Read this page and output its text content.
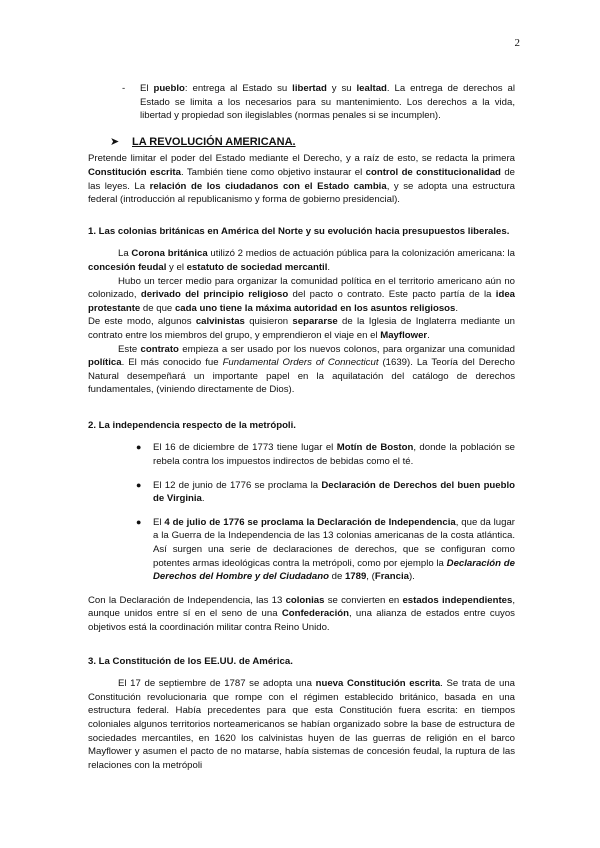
2
-	El pueblo: entrega al Estado su libertad y su lealtad. La entrega de derechos al Estado se limita a los necesarios para su mantenimiento. Los derechos a la vida, libertad y propiedad son ilegislables (normas penales si se incumplen).

➤	LA REVOLUCIÓN AMERICANA.

Pretende limitar el poder del Estado mediante el Derecho, y a raíz de esto, se redacta la primera Constitución escrita. También tiene como objetivo instaurar el control de constitucionalidad de las leyes. La relación de los ciudadanos con el Estado cambia, y se adopta una estructura federal (introducción al republicanismo y forma de gobierno presidencial).

1. Las colonias británicas en América del Norte y su evolución hacia presupuestos liberales.

La Corona británica utilizó 2 medios de actuación pública para la colonización americana: la concesión feudal y el estatuto de sociedad mercantil.

Hubo un tercer medio para organizar la comunidad política en el territorio americano aún no colonizado, derivado del principio religioso del pacto o contrato. Este pacto partía de la idea protestante de que cada uno tiene la máxima autoridad en los asuntos religiosos.

De este modo, algunos calvinistas quisieron separarse de la Iglesia de Inglaterra mediante un contrato entre los miembros del grupo, y emprendieron el viaje en el Mayflower.

Este contrato empieza a ser usado por los nuevos colonos, para organizar una comunidad política. El más conocido fue Fundamental Orders of Connecticut (1639). La Teoría del Derecho Natural desempeñará un importante papel en la aquilatación del catálogo de derechos fundamentales, (viniendo directamente de Dios).

2. La independencia respecto de la metrópoli.
●	El 16 de diciembre de 1773 tiene lugar el Motín de Boston, donde la población se rebela contra los impuestos indirectos de bebidas como el té.

●	El 12 de junio de 1776 se proclama la Declaración de Derechos del buen pueblo de Virginia.

●	El 4 de julio de 1776 se proclama la Declaración de Independencia, que da lugar a la Guerra de la Independencia de las 13 colonias americanas de la costa atlántica. Así surgen una serie de declaraciones de derechos, que se configuran como potentes armas ideológicas contra la metrópoli, como por ejemplo la Declaración de Derechos del Hombre y del Ciudadano de 1789, (Francia).

Con la Declaración de Independencia, las 13 colonias se convierten en estados independientes, aunque unidos entre sí en el seno de una Confederación, una alianza de estados entre cuyos objetivos está la coordinación militar contra Reino Unido.

3. La Constitución de los EE.UU. de América.

El 17 de septiembre de 1787 se adopta una nueva Constitución escrita. Se trata de una Constitución revolucionaria que rompe con el régimen establecido británico, basada en una estructura federal. Había precedentes para que esta Constitución fuera escrita: en tiempos coloniales algunos territorios norteamericanos se habían organizado sobre la base de estructura de sociedades mercantiles, en 1620 los calvinistas huyen de las guerras de religión en el barco Mayflower y asumen el pacto de no matarse, había sistemas de concesión feudal, la ruptura de las relaciones con la metrópoli
